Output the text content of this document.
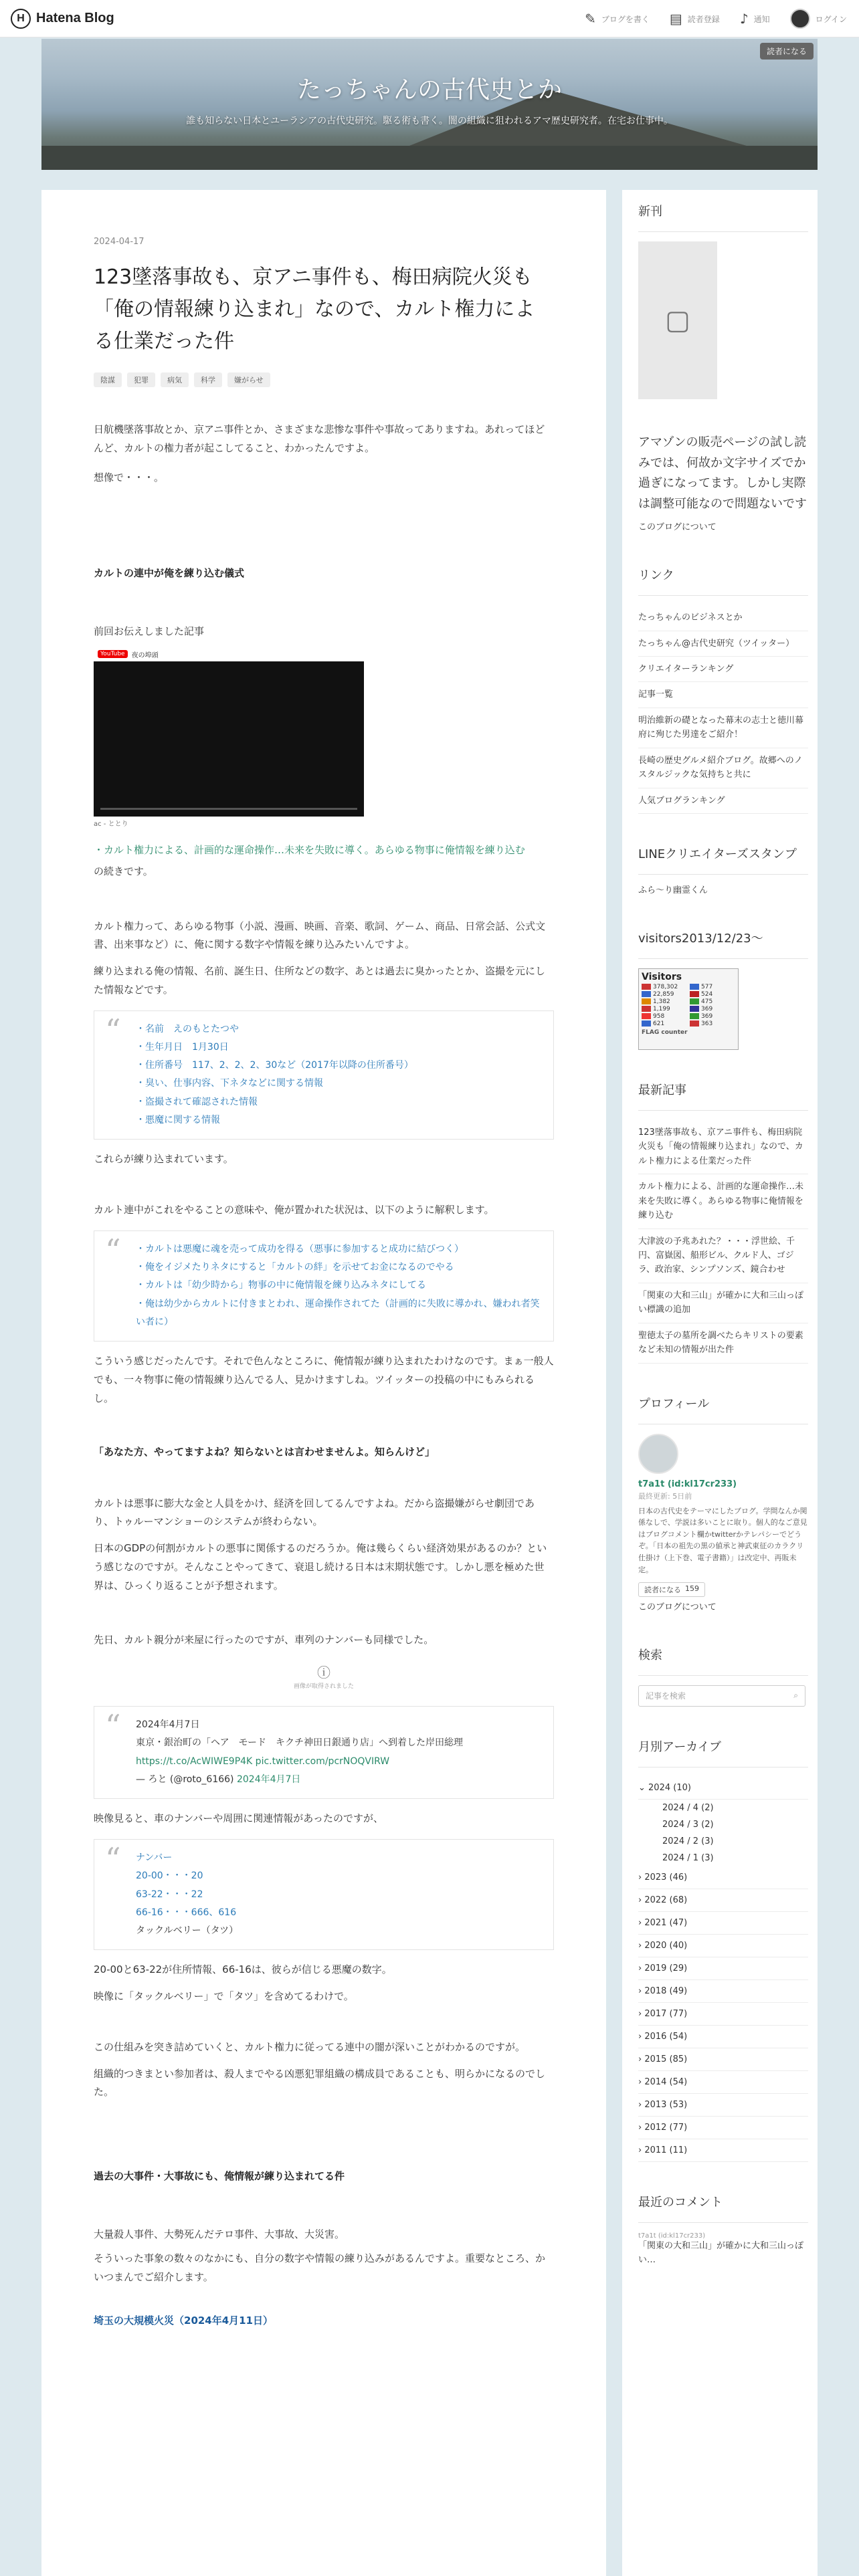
H Hatena Blog	✎ ブログを書く ▤ 読者登録 ♪ 通知	ログイン
たっちゃんの古代史とか
誰も知らない日本とユーラシアの古代史研究。駆る術も書く。闇の組織に狙われるアマ歴史研究者。在宅お仕事中。
読者になる
2024-04-17
123墜落事故も、京アニ事件も、梅田病院火災も「俺の情報練り込まれ」なので、カルト権力による仕業だった件
陰謀	犯罪	病気	科学	嫌がらせ

日航機墜落事故とか、京アニ事件とか、さまざまな悲惨な事件や事故ってありますね。あれってほどんど、カルトの権力者が起こしてること、わかったんですよ。

想像で・・・。

カルトの連中が俺を練り込む儀式

前回お伝えしました記事

YouTube	夜の埠頭
ac - ととり

・カルト権力による、計画的な運命操作…未来を失敗に導く。あらゆる物事に俺情報を練り込む

の続きです。

カルト権力って、あらゆる物事（小説、漫画、映画、音楽、歌詞、ゲーム、商品、日常会話、公式文書、出来事など）に、俺に関する数字や情報を練り込みたいんですよ。

練り込まれる俺の情報、名前、誕生日、住所などの数字、あとは過去に臭かったとか、盗撮を元にした情報などです。

“ ・名前　えのもとたつや
・生年月日　1月30日
・住所番号　117、2、2、2、30など（2017年以降の住所番号）
・臭い、仕事内容、下ネタなどに関する情報
・盗撮されて確認された情報
・悪魔に関する情報

これらが練り込まれています。

カルト連中がこれをやることの意味や、俺が置かれた状況は、以下のように解釈します。

“ ・カルトは悪魔に魂を売って成功を得る（悪事に参加すると成功に結びつく）
・俺をイジメたりネタにすると「カルトの絆」を示せてお金になるのでやる
・カルトは「幼少時から」物事の中に俺情報を練り込みネタにしてる
・俺は幼少からカルトに付きまとわれ、運命操作されてた（計画的に失敗に導かれ、嫌われ者笑い者に）

こういう感じだったんです。それで色んなところに、俺情報が練り込まれたわけなのです。まぁ一般人でも、一々物事に俺の情報練り込んでる人、見かけますしね。ツイッターの投稿の中にもみられるし。

「あなた方、やってますよね？知らないとは言わせませんよ。知らんけど」

カルトは悪事に膨大な金と人員をかけ、経済を回してるんですよね。だから盗撮嫌がらせ劇団であり、トゥルーマンショーのシステムが終わらない。

日本のGDPの何割がカルトの悪事に関係するのだろうか。俺は幾らくらい経済効果があるのか？という感じなのですが。そんなことやってきて、衰退し続ける日本は末期状態です。しかし悪を極めた世界は、ひっくり返ることが予想されます。

先日、カルト親分が来屋に行ったのですが、車列のナンバーも同様でした。

ⓘ
画像が取得されました
“ 2024年4月7日
東京・銀治町の「ヘア　モード　キクチ神田日銀通り店」へ到着した岸田総理
https://t.co/AcWIWE9P4K pic.twitter.com/pcrNOQVIRW
— ろと (@roto_6166) 2024年4月7日

映像見ると、車のナンバーや周囲に関連情報があったのですが、

“ ナンバー
20-00・・・20
63-22・・・22
66-16・・・666、616
タックルベリー（タツ）

20-00と63-22が住所情報、66-16は、彼らが信じる悪魔の数字。

映像に「タックルベリー」で「タツ」を含めてるわけで。

この仕組みを突き詰めていくと、カルト権力に従ってる連中の闇が深いことがわかるのですが。

組織的つきまとい参加者は、殺人までやる凶悪犯罪組織の構成員であることも、明らかになるのでした。

過去の大事件・大事故にも、俺情報が練り込まれてる件

大量殺人事件、大勢死んだテロ事件、大事故、大災害。

そういった事象の数々のなかにも、自分の数字や情報の練り込みがあるんですよ。重要なところ、かいつまんでご紹介します。

埼玉の大規模火災（2024年4月11日）

新刊
▢
アマゾンの販売ページの試し読みでは、何故か文字サイズでか過ぎになってます。しかし実際は調整可能なので問題ないです
このブログについて
リンク
たっちゃんのビジネスとか
たっちゃん@古代史研究（ツイッター）
クリエイターランキング
記事一覧
明治維新の礎となった幕末の志士と徳川幕府に殉じた男達をご紹介！
長崎の歴史グルメ紹介ブログ。故郷へのノスタルジックな気持ちと共に
人気ブログランキング
LINEクリエイターズスタンプ
ふら〜り幽霊くん
visitors2013/12/23〜
Visitors
378,302	577
22,859	524
1,382	475
1,199	369
958	369
621	363
FLAG counter
最新記事
123墜落事故も、京アニ事件も、梅田病院火災も「俺の情報練り込まれ」なので、カルト権力による仕業だった件
カルト権力による、計画的な運命操作…未来を失敗に導く。あらゆる物事に俺情報を練り込む
大津波の予兆あれた？・・・浮世絵、千円、富嶽図、船形ビル、クルド人、ゴジラ、政治家、シンプソンズ、鏡合わせ
「関東の大和三山」が確かに大和三山っぽい標識の追加
聖徳太子の墓所を調べたらキリストの要素など未知の情報が出た件
プロフィール
t7a1t (id:kl17cr233)
最終更新: 5日前
日本の古代史をテーマにしたブログ。学問なんか関係なしで、学説は多いことに取り。個人的なご意見はブログコメント欄かtwitterかテレパシーでどうぞ。「日本の祖先の黒の値承と神武東征のカラクリ仕掛け（上下巻、電子書籍）」は改定中、再販未定。
読者になる 159
このブログについて
検索
記事を検索	⌕
月別アーカイブ
⌄ 2024 (10)
2024 / 4 (2)
2024 / 3 (2)
2024 / 2 (3)
2024 / 1 (3)
› 2023 (46)
› 2022 (68)
› 2021 (47)
› 2020 (40)
› 2019 (29)
› 2018 (49)
› 2017 (77)
› 2016 (54)
› 2015 (85)
› 2014 (54)
› 2013 (53)
› 2012 (77)
› 2011 (11)
最近のコメント
t7a1t (id:kl17cr233)
「関東の大和三山」が確かに大和三山っぽい…
